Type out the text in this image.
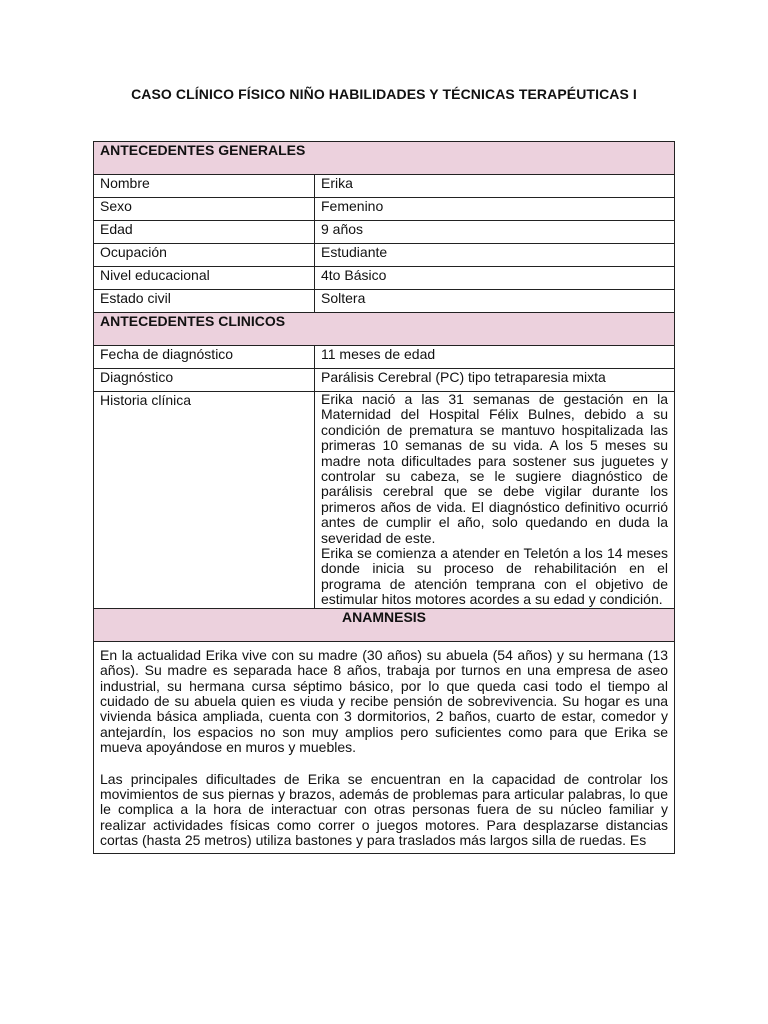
CASO CLÍNICO FÍSICO NIÑO HABILIDADES Y TÉCNICAS TERAPÉUTICAS I
ANTECEDENTES GENERALES	
Nombre	Erika
Sexo	Femenino
Edad	9 años
Ocupación	Estudiante
Nivel educacional	4to Básico
Estado civil	Soltera
ANTECEDENTES CLINICOS	
Fecha de diagnóstico	11 meses de edad
Diagnóstico	Parálisis Cerebral (PC) tipo tetraparesia mixta
Historia clínica	Erika nació a las 31 semanas de gestación en la Maternidad del Hospital Félix Bulnes, debido a su condición de prematura se mantuvo hospitalizada las primeras 10 semanas de su vida. A los 5 meses su madre nota dificultades para sostener sus juguetes y controlar su cabeza, se le sugiere diagnóstico de parálisis cerebral que se debe vigilar durante los primeros años de vida. El diagnóstico definitivo ocurrió antes de cumplir el año, solo quedando en duda la severidad de este.
Erika se comienza a atender en Teletón a los 14 meses donde inicia su proceso de rehabilitación en el programa de atención temprana con el objetivo de estimular hitos motores acordes a su edad y condición.

ANAMNESIS	

En la actualidad Erika vive con su madre (30 años) su abuela (54 años) y su hermana (13 años). Su madre es separada hace 8 años, trabaja por turnos en una empresa de aseo industrial, su hermana cursa séptimo básico, por lo que queda casi todo el tiempo al cuidado de su abuela quien es viuda y recibe pensión de sobrevivencia. Su hogar es una vivienda básica ampliada, cuenta con 3 dormitorios, 2 baños, cuarto de estar, comedor y antejardín, los espacios no son muy amplios pero suficientes como para que Erika se mueva apoyándose en muros y muebles.

Las principales dificultades de Erika se encuentran en la capacidad de controlar los movimientos de sus piernas y brazos, además de problemas para articular palabras, lo que le complica a la hora de interactuar con otras personas fuera de su núcleo familiar y realizar actividades físicas como correr o juegos motores. Para desplazarse distancias cortas (hasta 25 metros) utiliza bastones y para traslados más largos silla de ruedas. Es	
